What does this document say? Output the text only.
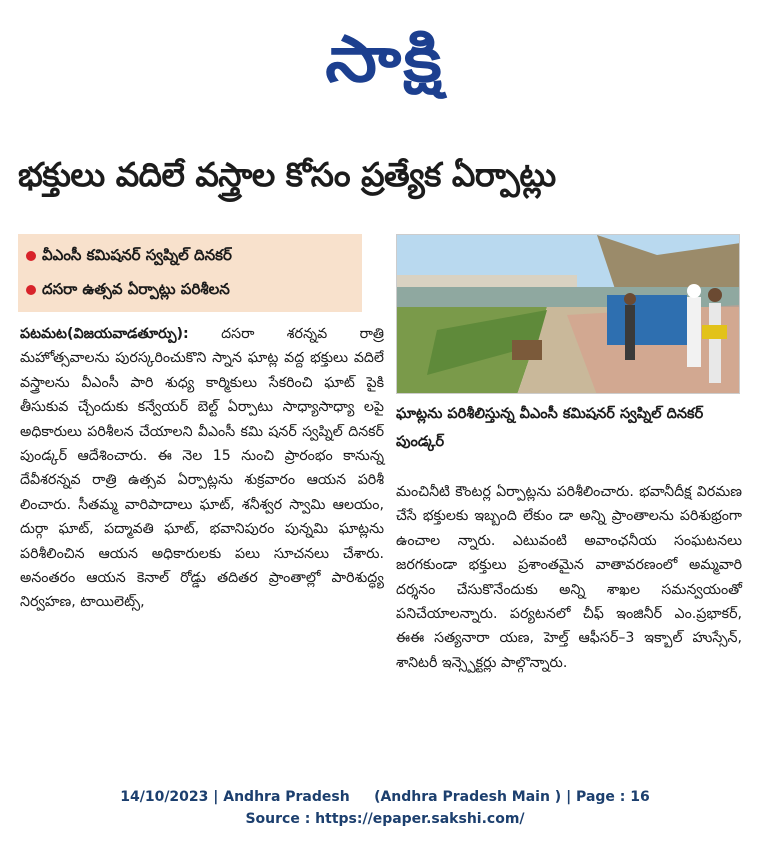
సాక్షి
భక్తులు వదిలే వస్త్రాల కోసం ప్రత్యేక ఏర్పాట్లు
వీఎంసీ కమిషనర్ స్వప్నిల్ దినకర్
దసరా ఉత్సవ ఏర్పాట్లు పరిశీలన
ఘాట్లను పరిశీలిస్తున్న వీఎంసీ కమిషనర్ స్వప్నిల్ దినకర్ పుండ్కర్
పటమట(విజయవాడతూర్పు): దసరా శరన్నవ రాత్రి మహోత్సవాలను పురస్కరించుకొని స్నాన ఘాట్ల వద్ద భక్తులు వదిలే వస్త్రాలను వీఎంసీ పారి శుధ్య కార్మికులు సేకరించి ఘాట్ పైకి తీసుకువ చ్చేందుకు కన్వేయర్ బెల్ట్ ఏర్పాటు సాధ్యాసాధ్యా లపై అధికారులు పరిశీలన చేయాలని వీఎంసీ కమి షనర్ స్వప్నిల్ దినకర్ పుండ్కర్ ఆదేశించారు. ఈ నెల 15 నుంచి ప్రారంభం కానున్న దేవీశరన్నవ రాత్రి ఉత్సవ ఏర్పాట్లను శుక్రవారం ఆయన పరిశీ లించారు. సీతమ్మ వారిపాదాలు ఘాట్, శనీశ్వర స్వామి ఆలయం, దుర్గా ఘాట్, పద్మావతి ఘాట్, భవానిపురం పున్నమి ఘాట్లను పరిశీలించిన ఆయన అధికారులకు పలు సూచనలు చేశారు. అనంతరం ఆయన కెనాల్ రోడ్డు తదితర ప్రాంతాల్లో పారిశుద్ధ్య నిర్వహణ, టాయిలెట్స్,
మంచినీటి కౌంటర్ల ఏర్పాట్లను పరిశీలించారు. భవానీదీక్ష విరమణ చేసే భక్తులకు ఇబ్బంది లేకుం డా అన్ని ప్రాంతాలను పరిశుభ్రంగా ఉంచాల న్నారు. ఎటువంటి అవాంఛనీయ సంఘటనలు జరగకుండా భక్తులు ప్రశాంతమైన వాతావరణంలో అమ్మవారి దర్శనం చేసుకొనేందుకు అన్ని శాఖల సమన్వయంతో పనిచేయాలన్నారు. పర్యటనలో చీఫ్ ఇంజినీర్ ఎం.ప్రభాకర్, ఈఈ సత్యనారా యణ, హెల్త్ ఆఫీసర్–3 ఇక్బాల్ హుస్సేన్, శానిటరీ ఇన్స్పెక్టర్లు పాల్గొన్నారు.
14/10/2023 | Andhra Pradesh     (Andhra Pradesh Main ) | Page : 16
Source : https://epaper.sakshi.com/
